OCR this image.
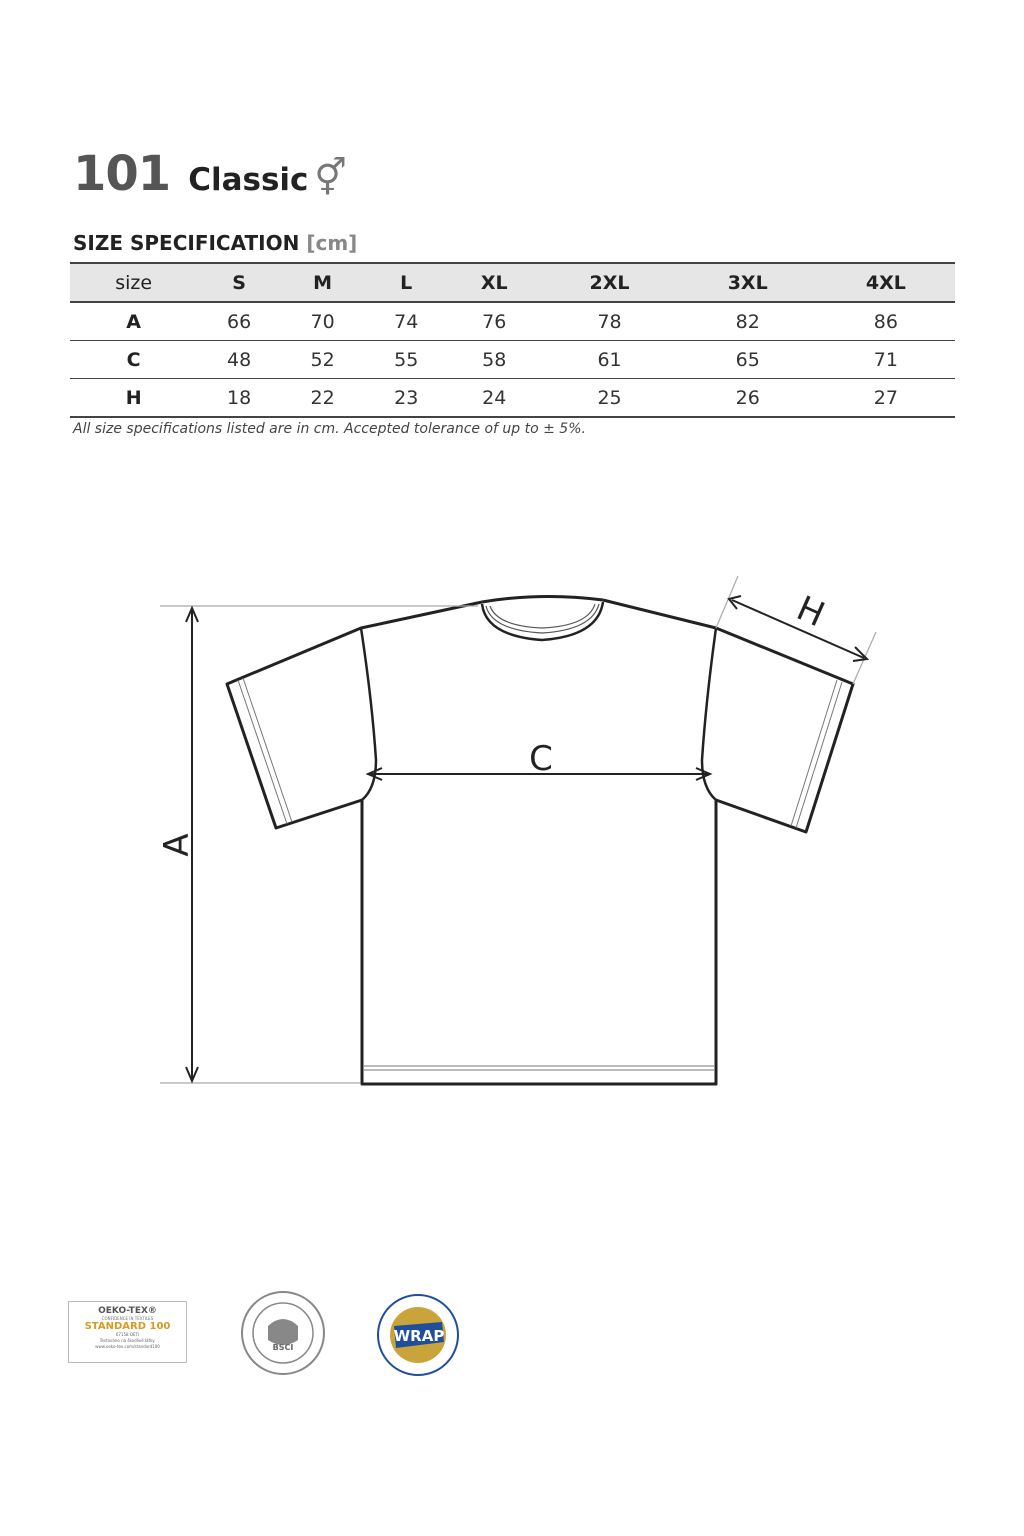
101 Classic ⚥
SIZE SPECIFICATION [cm]
size	S	M	L	XL	2XL	3XL	4XL
A	66	70	74	76	78	82	86
C	48	52	55	58	61	65	71
H	18	22	23	24	25	26	27
All size specifications listed are in cm. Accepted tolerance of up to ± 5%.
A
C
H
OEKO-TEX®
CONFIDENCE IN TEXTILES
STANDARD 100
67158 OETI
Testováno na škodlivé látky.
www.oeko-tex.com/standard100	BSCI
WRAP
